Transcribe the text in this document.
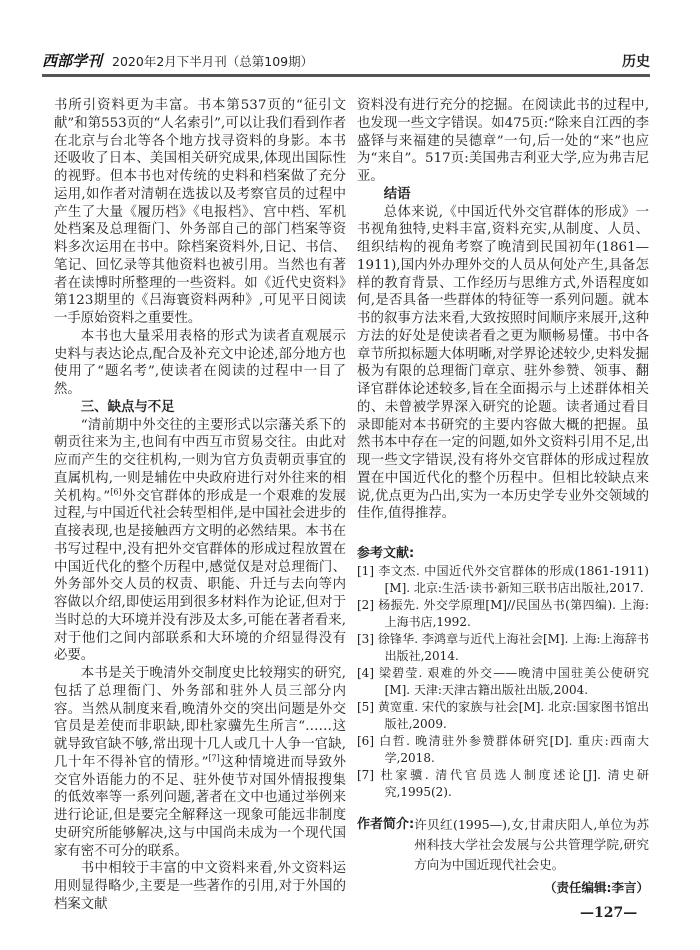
西部学刊 2020年2月下半月刊（总第109期）	历史

书所引资料更为丰富。书本第537页的“征引文献”和第553页的“人名索引”,可以让我们看到作者在北京与台北等各个地方找寻资料的身影。本书还吸收了日本、美国相关研究成果,体现出国际性的视野。但本书也对传统的史料和档案做了充分运用,如作者对清朝在选拔以及考察官员的过程中产生了大量《履历档》《电报档》、宫中档、军机处档案及总理衙门、外务部自己的部门档案等资料多次运用在书中。除档案资料外,日记、书信、笔记、回忆录等其他资料也被引用。当然也有著者在读博时所整理的一些资料。如《近代史资料》第123期里的《吕海寰资料两种》,可见平日阅读一手原始资料之重要性。

本书也大量采用表格的形式为读者直观展示史料与表达论点,配合及补充文中论述,部分地方也使用了“题名考”,使读者在阅读的过程中一目了然。

三、缺点与不足

“清前期中外交往的主要形式以宗藩关系下的朝贡往来为主,也间有中西互市贸易交往。由此对应而产生的交往机构,一则为官方负责朝贡事宜的直属机构,一则是辅佐中央政府进行对外往来的相关机构。”[6]外交官群体的形成是一个艰难的发展过程,与中国近代社会转型相伴,是中国社会进步的直接表现,也是接触西方文明的必然结果。本书在书写过程中,没有把外交官群体的形成过程放置在中国近代化的整个历程中,感觉仅是对总理衙门、外务部外交人员的权责、职能、升迁与去向等内容做以介绍,即使运用到很多材料作为论证,但对于当时总的大环境并没有涉及太多,可能在著者看来,对于他们之间内部联系和大环境的介绍显得没有必要。

本书是关于晚清外交制度史比较翔实的研究,包括了总理衙门、外务部和驻外人员三部分内容。当然从制度来看,晚清外交的突出问题是外交官员是差使而非职缺,即杜家骥先生所言“……这就导致官缺不够,常出现十几人或几十人争一官缺,几十年不得补官的情形。”[7]这种情境进而导致外交官外语能力的不足、驻外使节对国外情报搜集的低效率等一系列问题,著者在文中也通过举例来进行论证,但是要完全解释这一现象可能远非制度史研究所能够解决,这与中国尚未成为一个现代国家有密不可分的联系。

书中相较于丰富的中文资料来看,外文资料运用则显得略少,主要是一些著作的引用,对于外国的档案文献

资料没有进行充分的挖掘。在阅读此书的过程中,也发现一些文字错误。如475页:“除来自江西的李盛铎与来福建的吴德章”一句,后一处的“来”也应为“来自”。517页:美国弗吉利亚大学,应为弗吉尼亚。

结语

总体来说,《中国近代外交官群体的形成》一书视角独特,史料丰富,资料充实,从制度、人员、组织结构的视角考察了晚清到民国初年(1861—1911),国内外办理外交的人员从何处产生,具备怎样的教育背景、工作经历与思维方式,外语程度如何,是否具备一些群体的特征等一系列问题。就本书的叙事方法来看,大致按照时间顺序来展开,这种方法的好处是使读者看之更为顺畅易懂。书中各章节所拟标题大体明晰,对学界论述较少,史料发掘极为有限的总理衙门章京、驻外参赞、领事、翻译官群体论述较多,旨在全面揭示与上述群体相关的、未曾被学界深入研究的论题。读者通过看目录即能对本书研究的主要内容做大概的把握。虽然书本中存在一定的问题,如外文资料引用不足,出现一些文字错误,没有将外交官群体的形成过程放置在中国近代化的整个历程中。但相比较缺点来说,优点更为凸出,实为一本历史学专业外交领域的佳作,值得推荐。

参考文献:
[1] 李文杰. 中国近代外交官群体的形成(1861-1911)[M]. 北京:生活·读书·新知三联书店出版社,2017.
[2] 杨振先. 外交学原理[M]//民国丛书(第四编). 上海:上海书店,1992.
[3] 徐锋华. 李鸿章与近代上海社会[M]. 上海:上海辞书出版社,2014.
[4] 梁碧莹. 艰难的外交——晚清中国驻美公使研究[M]. 天津:天津古籍出版社出版,2004.
[5] 黄宽重. 宋代的家族与社会[M]. 北京:国家图书馆出版社,2009.
[6] 白哲. 晚清驻外参赞群体研究[D]. 重庆:西南大学,2018.
[7] 杜家骥. 清代官员选人制度述论[J]. 清史研究,1995(2).
作者简介: 许贝红(1995—),女,甘肃庆阳人,单位为苏州科技大学社会发展与公共管理学院,研究方向为中国近现代社会史。
（责任编辑:李言）
—127—
